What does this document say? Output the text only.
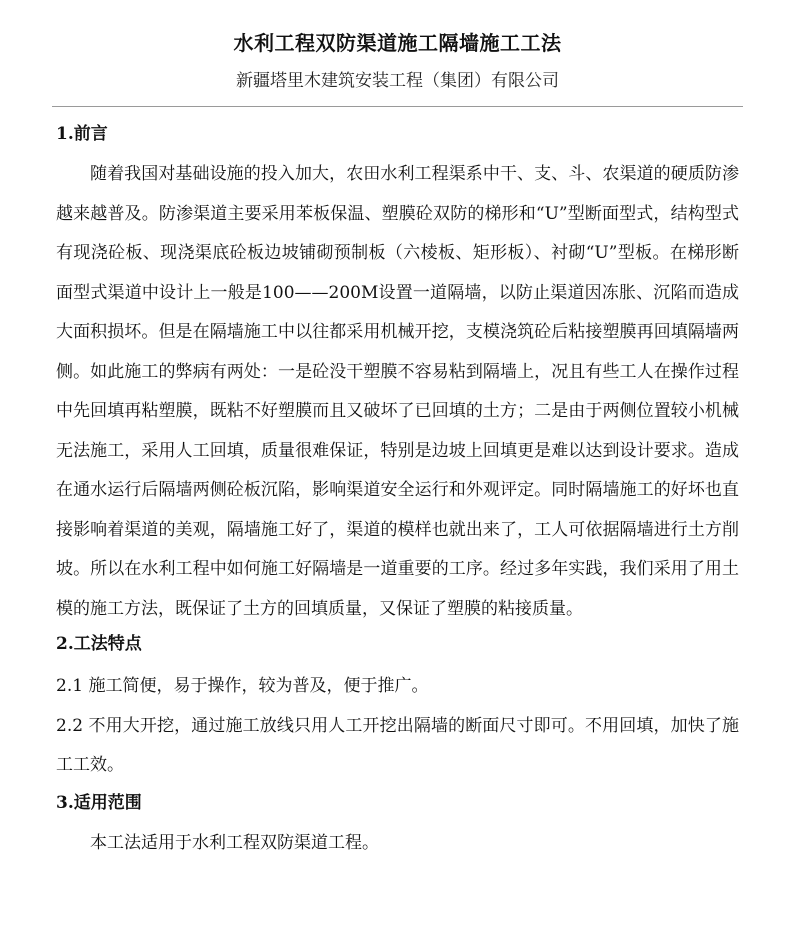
水利工程双防渠道施工隔墙施工工法
新疆塔里木建筑安装工程（集团）有限公司
1.前言

随着我国对基础设施的投入加大，农田水利工程渠系中干、支、斗、农渠道的硬质防渗越来越普及。防渗渠道主要采用苯板保温、塑膜砼双防的梯形和“U”型断面型式，结构型式有现浇砼板、现浇渠底砼板边坡铺砌预制板（六棱板、矩形板）、衬砌“U”型板。在梯形断面型式渠道中设计上一般是100——200M设置一道隔墙，以防止渠道因冻胀、沉陷而造成大面积损坏。但是在隔墙施工中以往都采用机械开挖，支模浇筑砼后粘接塑膜再回填隔墙两侧。如此施工的弊病有两处：一是砼没干塑膜不容易粘到隔墙上，况且有些工人在操作过程中先回填再粘塑膜，既粘不好塑膜而且又破坏了已回填的土方；二是由于两侧位置较小机械无法施工，采用人工回填，质量很难保证，特别是边坡上回填更是难以达到设计要求。造成在通水运行后隔墙两侧砼板沉陷，影响渠道安全运行和外观评定。同时隔墙施工的好坏也直接影响着渠道的美观，隔墙施工好了，渠道的模样也就出来了，工人可依据隔墙进行土方削坡。所以在水利工程中如何施工好隔墙是一道重要的工序。经过多年实践，我们采用了用土模的施工方法，既保证了土方的回填质量，又保证了塑膜的粘接质量。

2.工法特点

2.1 施工简便，易于操作，较为普及，便于推广。

2.2 不用大开挖，通过施工放线只用人工开挖出隔墙的断面尺寸即可。不用回填，加快了施工工效。

3.适用范围

本工法适用于水利工程双防渠道工程。
